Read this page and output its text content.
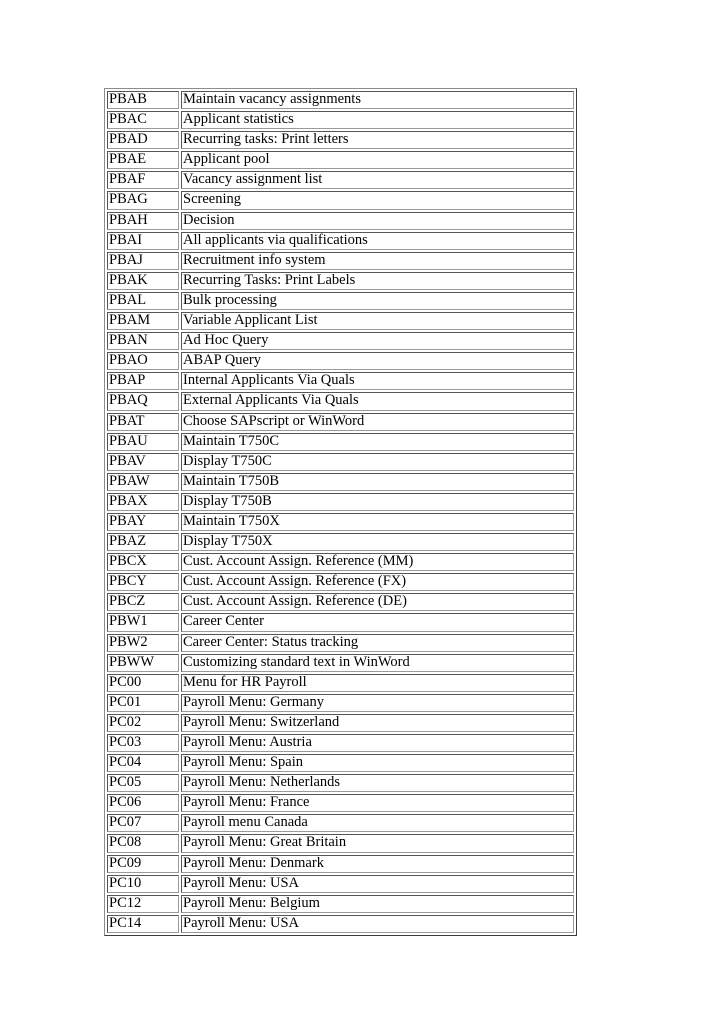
PBAB	Maintain vacancy assignments
PBAC	Applicant statistics
PBAD	Recurring tasks: Print letters
PBAE	Applicant pool
PBAF	Vacancy assignment list
PBAG	Screening
PBAH	Decision
PBAI	All applicants via qualifications
PBAJ	Recruitment info system
PBAK	Recurring Tasks: Print Labels
PBAL	Bulk processing
PBAM	Variable Applicant List
PBAN	Ad Hoc Query
PBAO	ABAP Query
PBAP	Internal Applicants Via Quals
PBAQ	External Applicants Via Quals
PBAT	Choose SAPscript or WinWord
PBAU	Maintain T750C
PBAV	Display T750C
PBAW	Maintain T750B
PBAX	Display T750B
PBAY	Maintain T750X
PBAZ	Display T750X
PBCX	Cust. Account Assign. Reference (MM)
PBCY	Cust. Account Assign. Reference (FX)
PBCZ	Cust. Account Assign. Reference (DE)
PBW1	Career Center
PBW2	Career Center: Status tracking
PBWW	Customizing standard text in WinWord
PC00	Menu for HR Payroll
PC01	Payroll Menu: Germany
PC02	Payroll Menu: Switzerland
PC03	Payroll Menu: Austria
PC04	Payroll Menu: Spain
PC05	Payroll Menu: Netherlands
PC06	Payroll Menu: France
PC07	Payroll menu Canada
PC08	Payroll Menu: Great Britain
PC09	Payroll Menu: Denmark
PC10	Payroll Menu: USA
PC12	Payroll Menu: Belgium
PC14	Payroll Menu: USA
